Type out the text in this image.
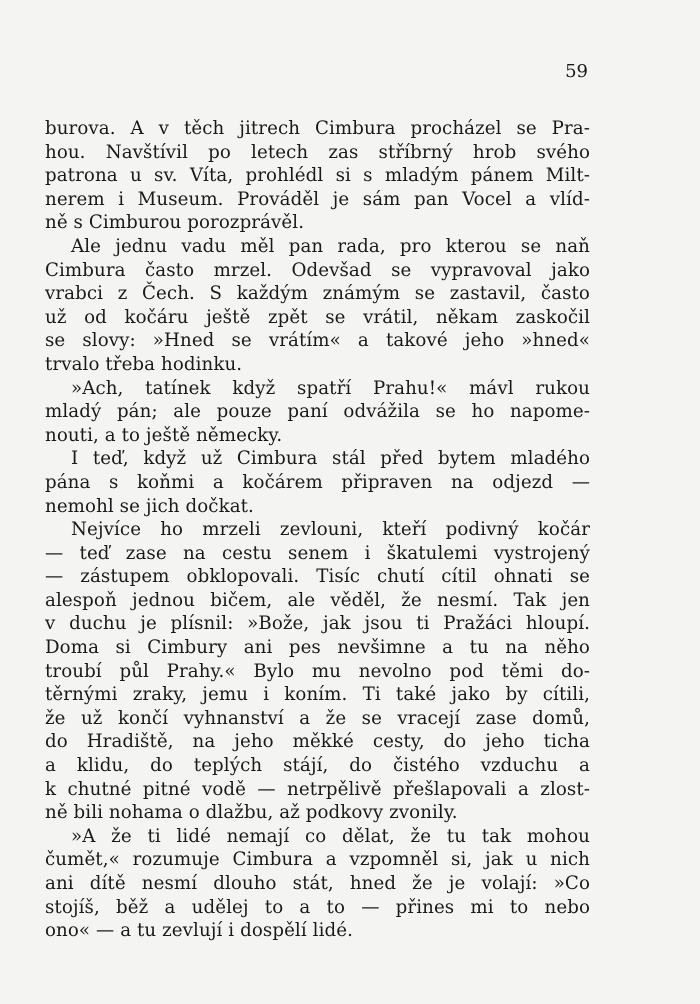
59
burova. A v těch jitrech Cimbura procházel se Pra-
hou. Navštívil po letech zas stříbrný hrob svého
patrona u sv. Víta, prohlédl si s mladým pánem Milt-
nerem i Museum. Prováděl je sám pan Vocel a vlíd-
ně s Cimburou porozprávěl.
Ale jednu vadu měl pan rada, pro kterou se naň
Cimbura často mrzel. Odevšad se vypravoval jako
vrabci z Čech. S každým známým se zastavil, často
už od kočáru ještě zpět se vrátil, někam zaskočil
se slovy: »Hned se vrátím« a takové jeho »hned«
trvalo třeba hodinku.
»Ach, tatínek když spatří Prahu!« mávl rukou
mladý pán; ale pouze paní odvážila se ho napome-
nouti, a to ještě německy.
I teď, když už Cimbura stál před bytem mladého
pána s koňmi a kočárem připraven na odjezd —
nemohl se jich dočkat.
Nejvíce ho mrzeli zevlouni, kteří podivný kočár
— teď zase na cestu senem i škatulemi vystrojený
— zástupem obklopovali. Tisíc chutí cítil ohnati se
alespoň jednou bičem, ale věděl, že nesmí. Tak jen
v duchu je plísnil: »Bože, jak jsou ti Pražáci hloupí.
Doma si Cimbury ani pes nevšimne a tu na něho
troubí půl Prahy.« Bylo mu nevolno pod těmi do-
těrnými zraky, jemu i koním. Ti také jako by cítili,
že už končí vyhnanství a že se vracejí zase domů,
do Hradiště, na jeho měkké cesty, do jeho ticha
a klidu, do teplých stájí, do čistého vzduchu a
k chutné pitné vodě — netrpělivě přešlapovali a zlost-
ně bili nohama o dlažbu, až podkovy zvonily.
»A že ti lidé nemají co dělat, že tu tak mohou
čumět,« rozumuje Cimbura a vzpomněl si, jak u nich
ani dítě nesmí dlouho stát, hned že je volají: »Co
stojíš, běž a udělej to a to — přines mi to nebo
ono« — a tu zevlují i dospělí lidé.
